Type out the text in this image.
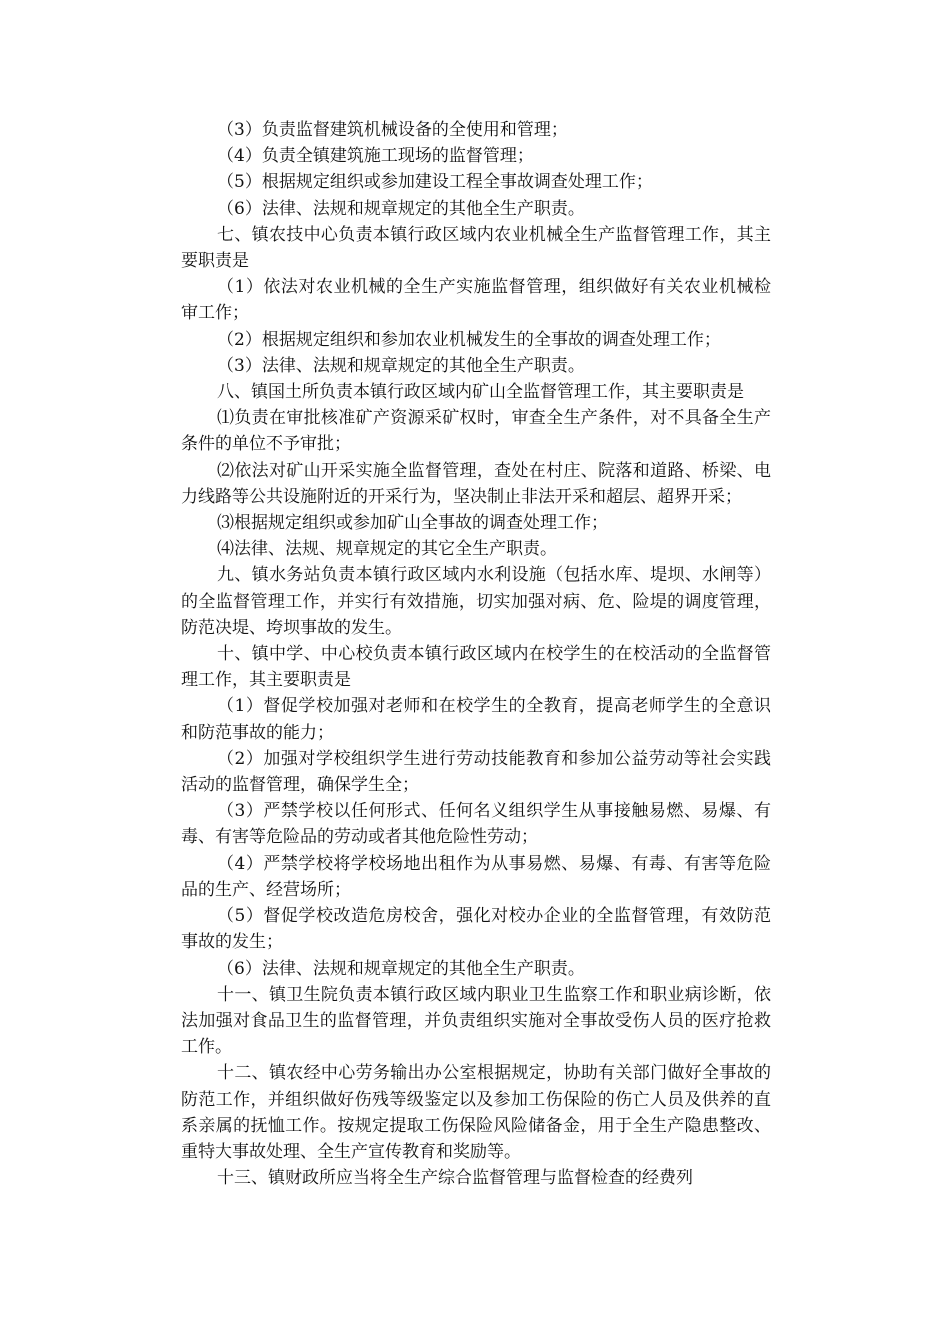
（3）负责监督建筑机械设备的全使用和管理；

（4）负责全镇建筑施工现场的监督管理；

（5）根据规定组织或参加建设工程全事故调查处理工作；

（6）法律、法规和规章规定的其他全生产职责。

七、镇农技中心负责本镇行政区域内农业机械全生产监督管理工作，其主要职责是

（1）依法对农业机械的全生产实施监督管理，组织做好有关农业机械检审工作；

（2）根据规定组织和参加农业机械发生的全事故的调查处理工作；

（3）法律、法规和规章规定的其他全生产职责。

八、镇国土所负责本镇行政区域内矿山全监督管理工作，其主要职责是

⑴负责在审批核准矿产资源采矿权时，审查全生产条件，对不具备全生产条件的单位不予审批；

⑵依法对矿山开采实施全监督管理，查处在村庄、院落和道路、桥梁、电力线路等公共设施附近的开采行为，坚决制止非法开采和超层、超界开采；

⑶根据规定组织或参加矿山全事故的调查处理工作；

⑷法律、法规、规章规定的其它全生产职责。

九、镇水务站负责本镇行政区域内水利设施（包括水库、堤坝、水闸等）的全监督管理工作，并实行有效措施，切实加强对病、危、险堤的调度管理，防范决堤、垮坝事故的发生。

十、镇中学、中心校负责本镇行政区域内在校学生的在校活动的全监督管理工作，其主要职责是

（1）督促学校加强对老师和在校学生的全教育，提高老师学生的全意识和防范事故的能力；

（2）加强对学校组织学生进行劳动技能教育和参加公益劳动等社会实践活动的监督管理，确保学生全；

（3）严禁学校以任何形式、任何名义组织学生从事接触易燃、易爆、有毒、有害等危险品的劳动或者其他危险性劳动；

（4）严禁学校将学校场地出租作为从事易燃、易爆、有毒、有害等危险品的生产、经营场所；

（5）督促学校改造危房校舍，强化对校办企业的全监督管理，有效防范事故的发生；

（6）法律、法规和规章规定的其他全生产职责。

十一、镇卫生院负责本镇行政区域内职业卫生监察工作和职业病诊断，依法加强对食品卫生的监督管理，并负责组织实施对全事故受伤人员的医疗抢救工作。

十二、镇农经中心劳务输出办公室根据规定，协助有关部门做好全事故的防范工作，并组织做好伤残等级鉴定以及参加工伤保险的伤亡人员及供养的直系亲属的抚恤工作。按规定提取工伤保险风险储备金，用于全生产隐患整改、重特大事故处理、全生产宣传教育和奖励等。

十三、镇财政所应当将全生产综合监督管理与监督检查的经费列
